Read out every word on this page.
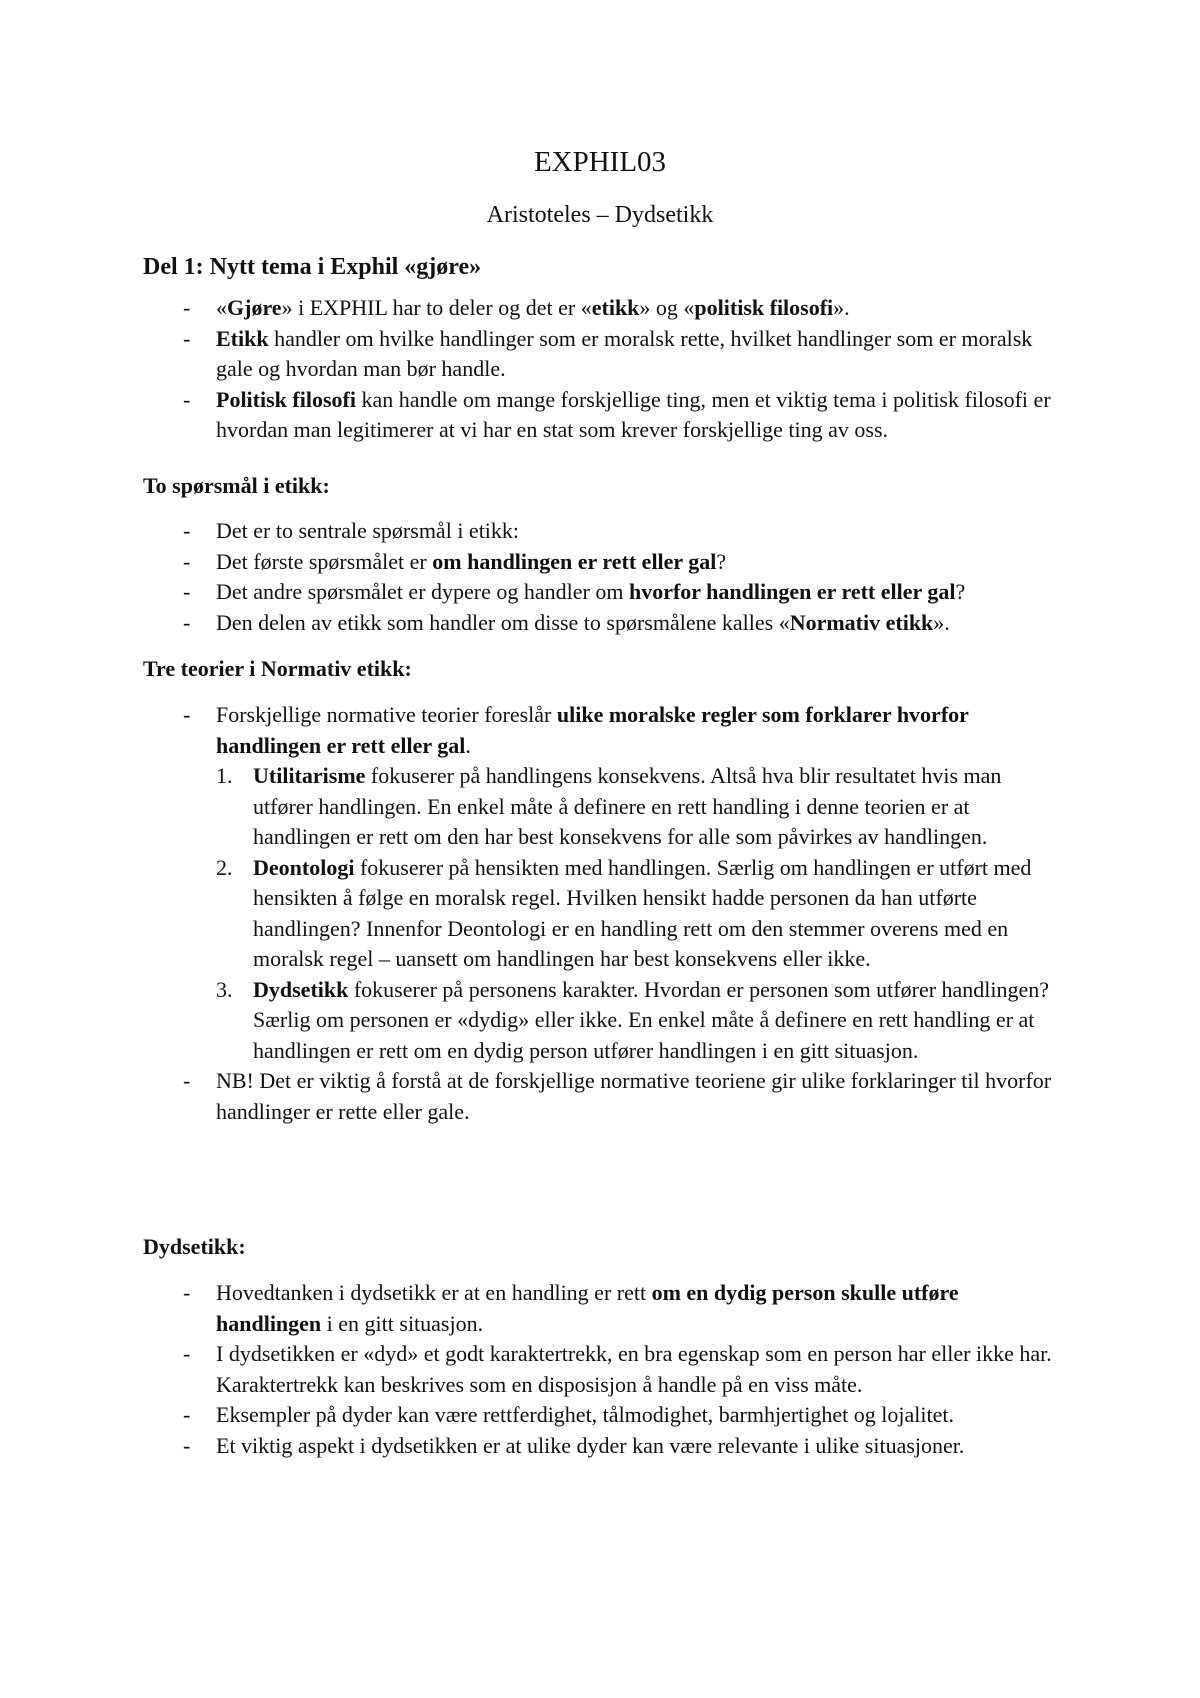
EXPHIL03
Aristoteles – Dydsetikk
Del 1: Nytt tema i Exphil «gjøre»
- «Gjøre» i EXPHIL har to deler og det er «etikk» og «politisk filosofi».
- Etikk handler om hvilke handlinger som er moralsk rette, hvilket handlinger som er moralsk gale og hvordan man bør handle.
- Politisk filosofi kan handle om mange forskjellige ting, men et viktig tema i politisk filosofi er hvordan man legitimerer at vi har en stat som krever forskjellige ting av oss.
To spørsmål i etikk:
- Det er to sentrale spørsmål i etikk:
- Det første spørsmålet er om handlingen er rett eller gal?
- Det andre spørsmålet er dypere og handler om hvorfor handlingen er rett eller gal?
- Den delen av etikk som handler om disse to spørsmålene kalles «Normativ etikk».
Tre teorier i Normativ etikk:
- Forskjellige normative teorier foreslår ulike moralske regler som forklarer hvorfor handlingen er rett eller gal.
1. Utilitarisme fokuserer på handlingens konsekvens. Altså hva blir resultatet hvis man utfører handlingen. En enkel måte å definere en rett handling i denne teorien er at handlingen er rett om den har best konsekvens for alle som påvirkes av handlingen.
2. Deontologi fokuserer på hensikten med handlingen. Særlig om handlingen er utført med hensikten å følge en moralsk regel. Hvilken hensikt hadde personen da han utførte handlingen? Innenfor Deontologi er en handling rett om den stemmer overens med en moralsk regel – uansett om handlingen har best konsekvens eller ikke.
3. Dydsetikk fokuserer på personens karakter. Hvordan er personen som utfører handlingen? Særlig om personen er «dydig» eller ikke. En enkel måte å definere en rett handling er at handlingen er rett om en dydig person utfører handlingen i en gitt situasjon.
- NB! Det er viktig å forstå at de forskjellige normative teoriene gir ulike forklaringer til hvorfor handlinger er rette eller gale.
Dydsetikk:
- Hovedtanken i dydsetikk er at en handling er rett om en dydig person skulle utføre handlingen i en gitt situasjon.
- I dydsetikken er «dyd» et godt karaktertrekk, en bra egenskap som en person har eller ikke har. Karaktertrekk kan beskrives som en disposisjon å handle på en viss måte.
- Eksempler på dyder kan være rettferdighet, tålmodighet, barmhjertighet og lojalitet.
- Et viktig aspekt i dydsetikken er at ulike dyder kan være relevante i ulike situasjoner.
